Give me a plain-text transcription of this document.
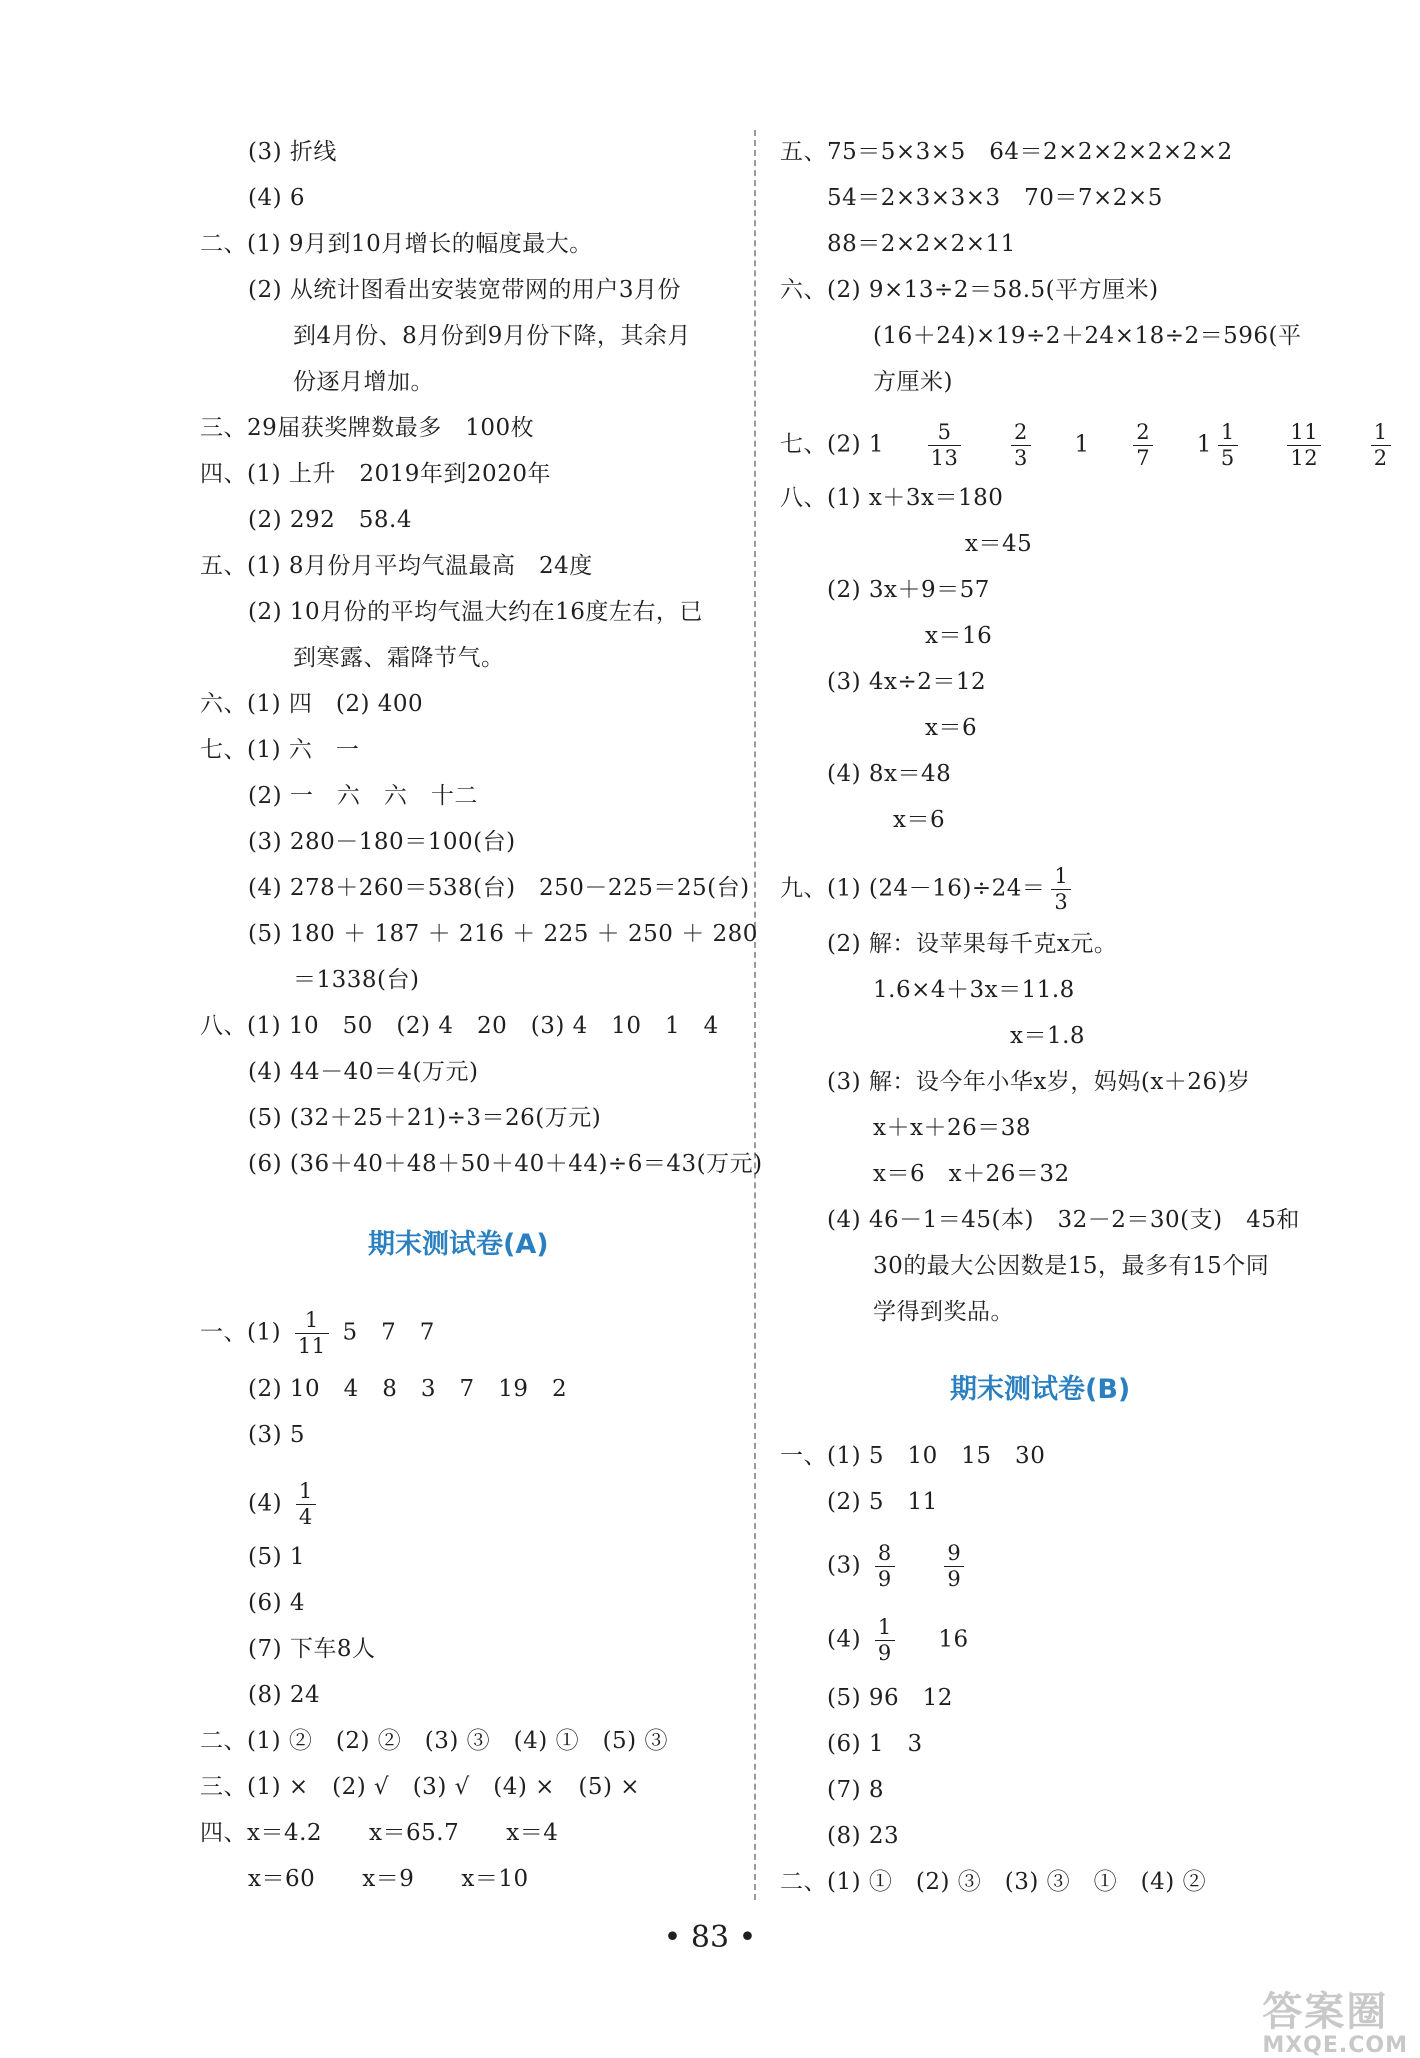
(3) 折线
(4) 6
二、(1) 9月到10月增长的幅度最大。
(2) 从统计图看出安装宽带网的用户3月份
到4月份、8月份到9月份下降，其余月
份逐月增加。
三、29届获奖牌数最多　100枚
四、(1) 上升　2019年到2020年
(2) 292　58.4
五、(1) 8月份月平均气温最高　24度
(2) 10月份的平均气温大约在16度左右，已
到寒露、霜降节气。
六、(1) 四　(2) 400
七、(1) 六　一
(2) 一　六　六　十二
(3) 280－180＝100(台)
(4) 278＋260＝538(台)　250－225＝25(台)
(5) 180 ＋ 187 ＋ 216 ＋ 225 ＋ 250 ＋ 280
＝1338(台)
八、(1) 10　50　(2) 4　20　(3) 4　10　1　4
(4) 44－40＝4(万元)
(5) (32＋25＋21)÷3＝26(万元)
(6) (36＋40＋48＋50＋40＋44)÷6＝43(万元)
期末测试卷(A)
一、$(1) \frac{1}{11} 5$　7　7
(2) 10　4　8　3　7　19　2
(3) 5
$(4) \frac{1}{4}$
(5) 1
(6) 4
(7) 下车8人
(8) 24
二、(1) ②　(2) ②　(3) ③　(4) ①　(5) ③
三、(1) ×　(2) √　(3) √　(4) ×　(5) ×
四、x＝4.2　　x＝65.7　　x＝4
x＝60　　x＝9　　x＝10
五、75＝5×3×5　64＝2×2×2×2×2×2
54＝2×3×3×3　70＝7×2×5
88＝2×2×2×11
六、(2) 9×13÷2＝58.5(平方厘米)
(16＋24)×19÷2＋24×18÷2＝596(平
方厘米)
七、(2) $1 \frac{5}{13}$
$\frac{2}{3} 1 \frac{2}{7} 1 \frac{1}{5}$
$\frac{11}{12}$
$\frac{1}{2}$
八、(1) x＋3x＝180
x＝45
(2) 3x＋9＝57
x＝16
(3) 4x÷2＝12
x＝6
(4) 8x＝48
x＝6
九、(1) $(24-16)\div 24= \frac{1}{3}$
(2) 解：设苹果每千克x元。
1.6×4＋3x＝11.8
x＝1.8
(3) 解：设今年小华x岁，妈妈(x＋26)岁
x＋x＋26＝38
x＝6　x＋26＝32
(4) 46－1＝45(本)　32－2＝30(支)　45和
30的最大公因数是15，最多有15个同
学得到奖品。
期末测试卷(B)
一、(1) 5　10　15　30
(2) 5　11
$(3) \frac{8}{9}$
$\frac{9}{9}$
$(4) \frac{1}{9} 16$
(5) 96　12
(6) 1　3
(7) 8
(8) 23
二、(1) ①　(2) ③　(3) ③　①　(4) ②
• 83 •
答案圈
MXQE.COM
